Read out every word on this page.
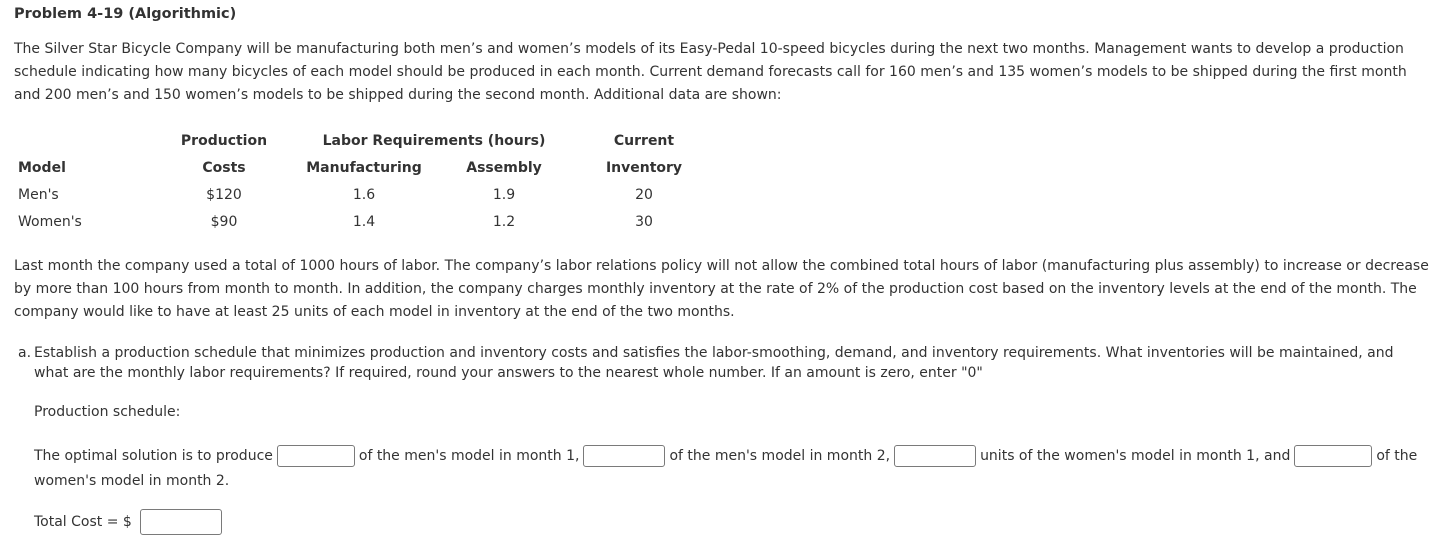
Problem 4-19 (Algorithmic)
The Silver Star Bicycle Company will be manufacturing both men’s and women’s models of its Easy-Pedal 10-speed bicycles during the next two months. Management wants to develop a production schedule indicating how many bicycles of each model should be produced in each month. Current demand forecasts call for 160 men’s and 135 women’s models to be shipped during the first month and 200 men’s and 150 women’s models to be shipped during the second month. Additional data are shown:
Production	Labor Requirements (hours)	Current
Model	Costs	Manufacturing	Assembly	Inventory
Men's	$120	1.6	1.9	20
Women's	$90	1.4	1.2	30
Last month the company used a total of 1000 hours of labor. The company’s labor relations policy will not allow the combined total hours of labor (manufacturing plus assembly) to increase or decrease by more than 100 hours from month to month. In addition, the company charges monthly inventory at the rate of 2% of the production cost based on the inventory levels at the end of the month. The company would like to have at least 25 units of each model in inventory at the end of the two months.
a. Establish a production schedule that minimizes production and inventory costs and satisfies the labor-smoothing, demand, and inventory requirements. What inventories will be maintained, and what are the monthly labor requirements? If required, round your answers to the nearest whole number. If an amount is zero, enter "0"
Production schedule:
The optimal solution is to produce	of the men's model in month 1,	of the men's model in month 2,	units of the women's model in month 1, and	of the
women's model in month 2.
Total Cost = $
